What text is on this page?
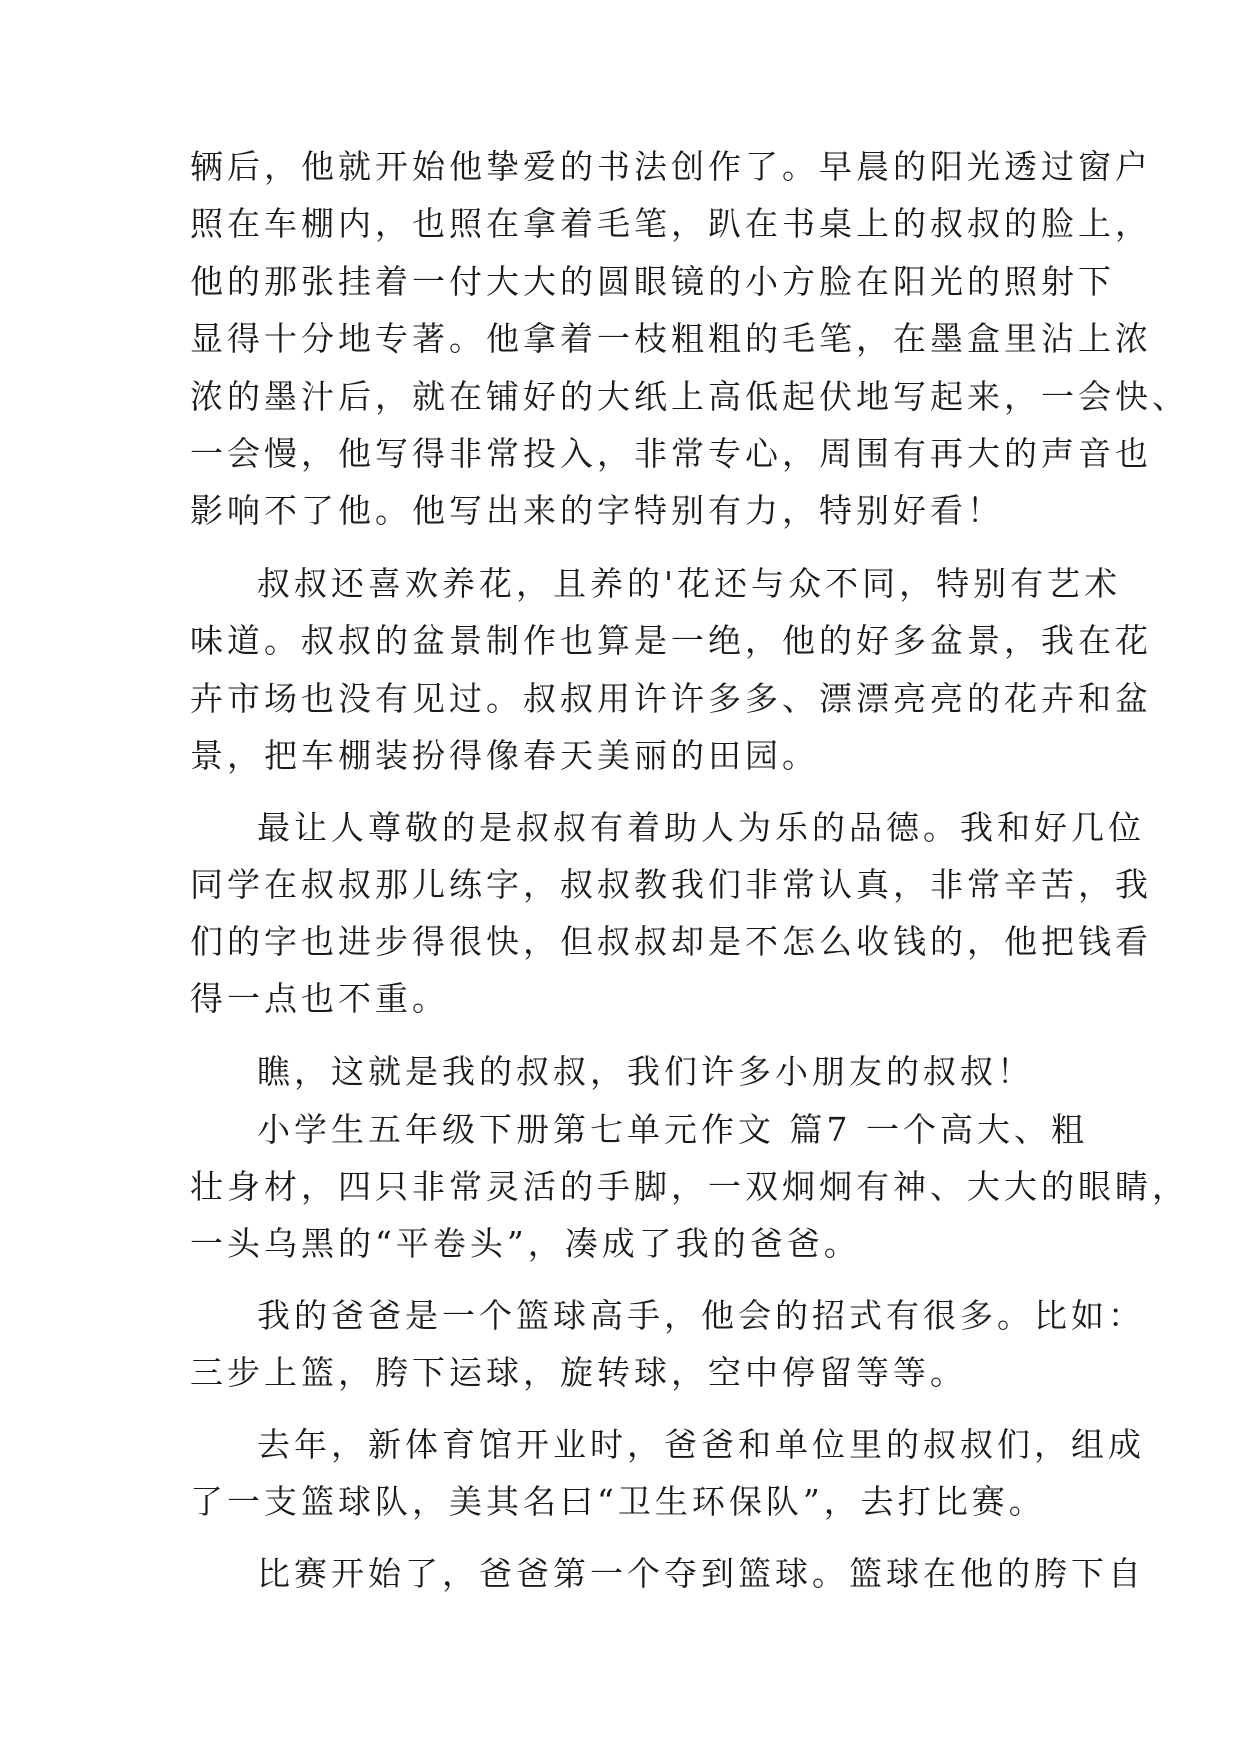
辆后，他就开始他挚爱的书法创作了。早晨的阳光透过窗户
照在车棚内，也照在拿着毛笔，趴在书桌上的叔叔的脸上，
他的那张挂着一付大大的圆眼镜的小方脸在阳光的照射下
显得十分地专著。他拿着一枝粗粗的毛笔，在墨盒里沾上浓
浓的墨汁后，就在铺好的大纸上高低起伏地写起来，一会快、
一会慢，他写得非常投入，非常专心，周围有再大的声音也
影响不了他。他写出来的字特别有力，特别好看！
叔叔还喜欢养花，且养的'花还与众不同，特别有艺术
味道。叔叔的盆景制作也算是一绝，他的好多盆景，我在花
卉市场也没有见过。叔叔用许许多多、漂漂亮亮的花卉和盆
景，把车棚装扮得像春天美丽的田园。
最让人尊敬的是叔叔有着助人为乐的品德。我和好几位
同学在叔叔那儿练字，叔叔教我们非常认真，非常辛苦，我
们的字也进步得很快，但叔叔却是不怎么收钱的，他把钱看
得一点也不重。
瞧，这就是我的叔叔，我们许多小朋友的叔叔！
小学生五年级下册第七单元作文 篇7 一个高大、粗
壮身材，四只非常灵活的手脚，一双炯炯有神、大大的眼睛，
一头乌黑的“平卷头”，凑成了我的爸爸。
我的爸爸是一个篮球高手，他会的招式有很多。比如：
三步上篮，胯下运球，旋转球，空中停留等等。
去年，新体育馆开业时，爸爸和单位里的叔叔们，组成
了一支篮球队，美其名曰“卫生环保队”，去打比赛。
比赛开始了，爸爸第一个夺到篮球。篮球在他的胯下自
